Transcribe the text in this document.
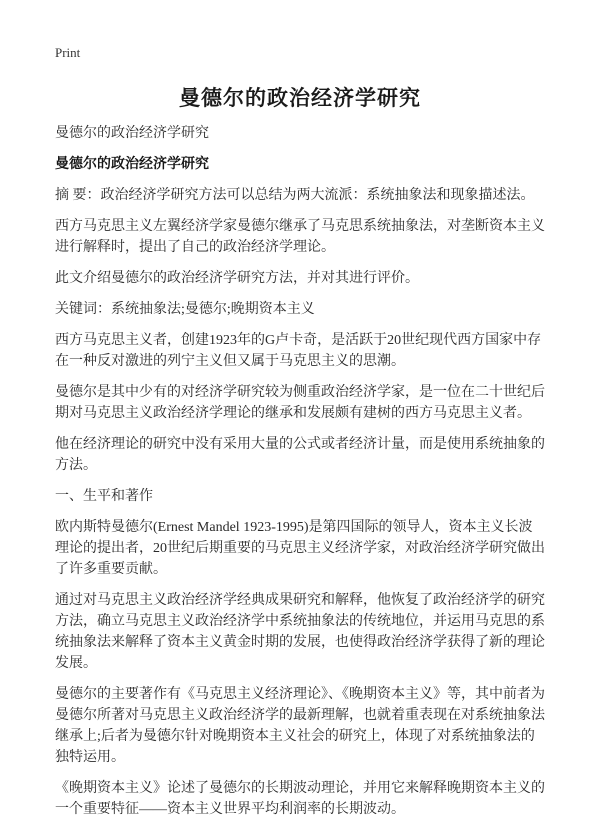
Print
曼德尔的政治经济学研究

曼德尔的政治经济学研究

曼德尔的政治经济学研究

摘 要：政治经济学研究方法可以总结为两大流派：系统抽象法和现象描述法。

西方马克思主义左翼经济学家曼德尔继承了马克思系统抽象法，对垄断资本主义进行解释时，提出了自己的政治经济学理论。

此文介绍曼德尔的政治经济学研究方法，并对其进行评价。

关键词：系统抽象法;曼德尔;晚期资本主义

西方马克思主义者，创建1923年的G卢卡奇，是活跃于20世纪现代西方国家中存在一种反对激进的列宁主义但又属于马克思主义的思潮。

曼德尔是其中少有的对经济学研究较为侧重政治经济学家，是一位在二十世纪后期对马克思主义政治经济学理论的继承和发展颇有建树的西方马克思主义者。

他在经济理论的研究中没有采用大量的公式或者经济计量，而是使用系统抽象的方法。

一、生平和著作

欧内斯特曼德尔(Ernest Mandel 1923-1995)是第四国际的领导人，资本主义长波理论的提出者，20世纪后期重要的马克思主义经济学家，对政治经济学研究做出了许多重要贡献。

通过对马克思主义政治经济学经典成果研究和解释，他恢复了政治经济学的研究方法，确立马克思主义政治经济学中系统抽象法的传统地位，并运用马克思的系统抽象法来解释了资本主义黄金时期的发展，也使得政治经济学获得了新的理论发展。

曼德尔的主要著作有《马克思主义经济理论》、《晚期资本主义》等，其中前者为曼德尔所著对马克思主义政治经济学的最新理解，也就着重表现在对系统抽象法继承上;后者为曼德尔针对晚期资本主义社会的研究上，体现了对系统抽象法的独特运用。

《晚期资本主义》论述了曼德尔的长期波动理论，并用它来解释晚期资本主义的一个重要特征——资本主义世界平均利润率的长期波动。
